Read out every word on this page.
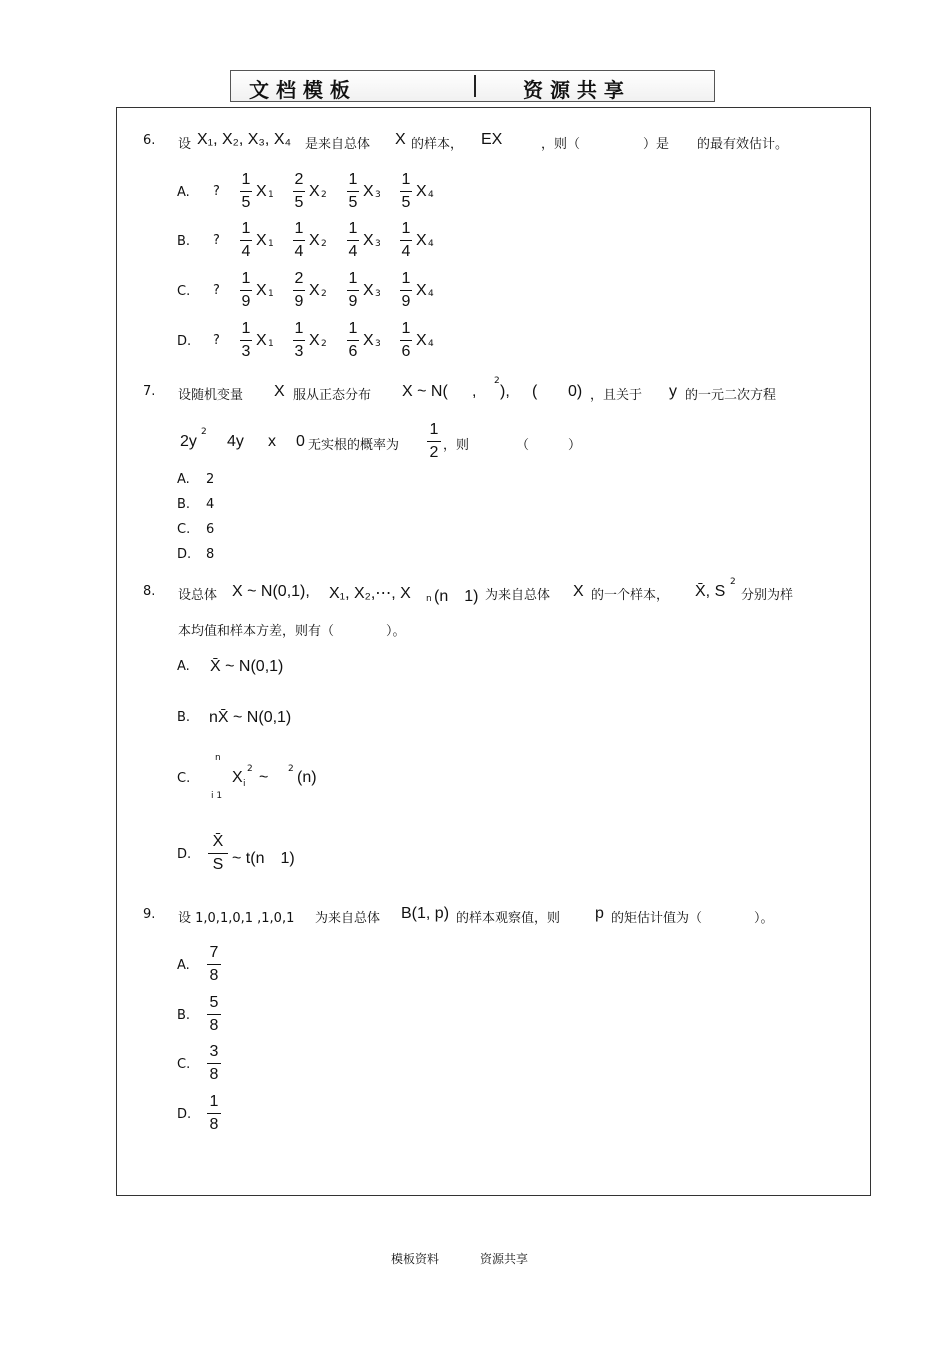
文 档 模 板	资 源 共 享
6. 设 X₁, X₂, X₃, X₄ 是来自总体 X 的样本， EX	，则（	）是 的最有效估计。
A. ?
1
5
X 1
2
5
X 2
1
5
X 3
1
5
X 4
B. ?
1
4
X 1
1
4
X 2
1
4
X 3
1
4
X 4
C. ?
1
9
X 1
2
9
X 2
1
9
X 3
1
9
X 4
D. ?
1
3
X 1
1
3
X 2
1
6
X 3
1
6
X 4
7. 设随机变量 X 服从正态分布 X ~ N( ,
2
), ( 0) ，且关于 y 的一元二次方程
2y
2
4y x 0 无实根的概率为
1
2 ，则	（　　　）
A. 2
B. 4
C. 6
D. 8
8. 设总体 X ~ N(0,1), X₁, X₂,⋯, X n (n　1) 为来自总体 X 的一个样本， X̄, S
2
分别为样
本均值和样本方差，则有（　　　　）。
A. X̄ ~ N(0,1)
B. nX̄ ~ N(0,1)
C.
n
i 1
X i
2 ~ 2 (n)
D.
X̄
S ~ t(n　1)
9. 设 1,0,1,0,1 ,1,0,1 为来自总体 B(1, p) 的样本观察值，则 p 的矩估计值为（　　　　）。
A.
7
8
B.
5
8
C.
3
8
D.
1
8
模板资料	资源共享
